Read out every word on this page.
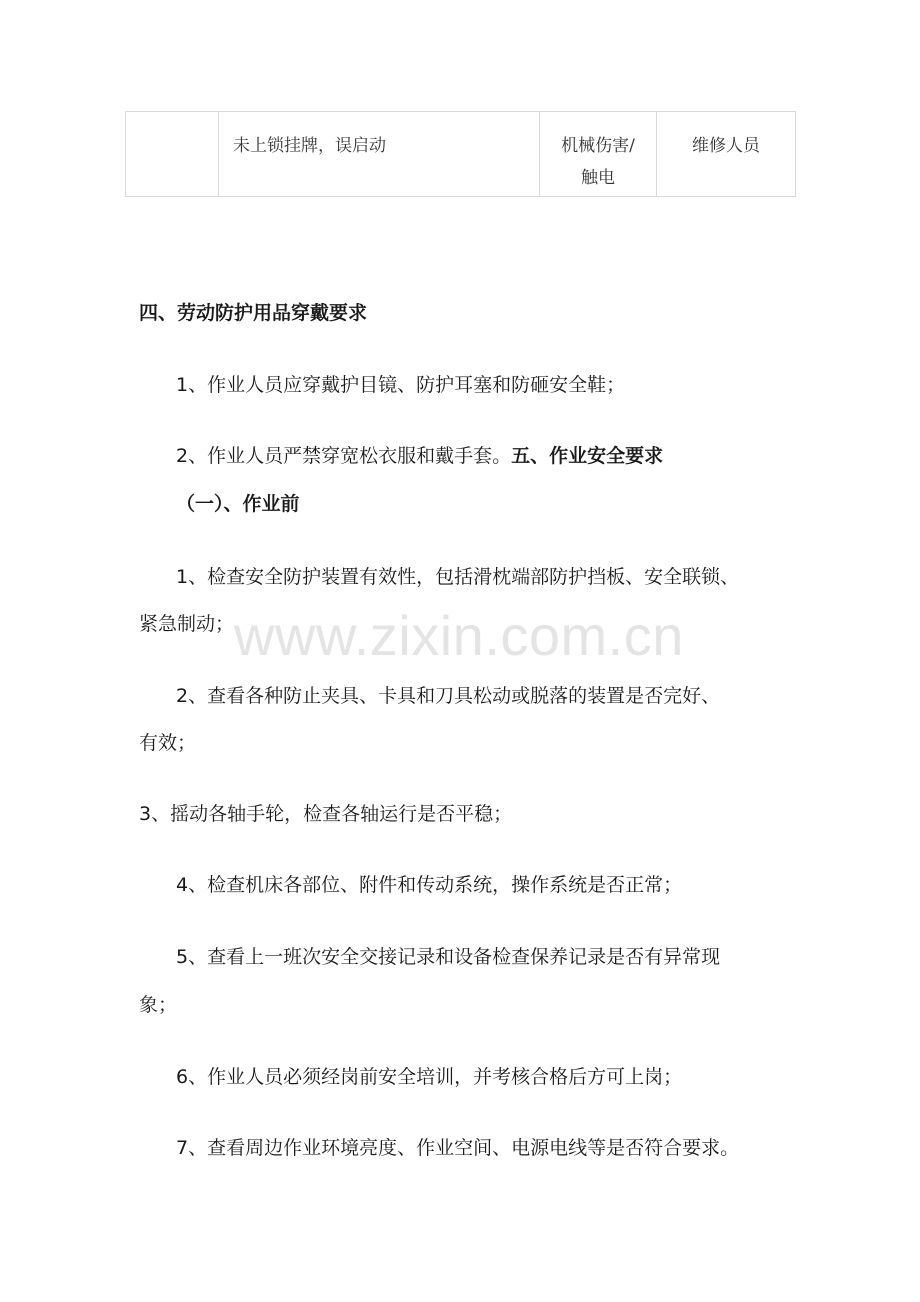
	未上锁挂牌，误启动	机械伤害/触电	维修人员
四、劳动防护用品穿戴要求
1、作业人员应穿戴护目镜、防护耳塞和防砸安全鞋；
2、作业人员严禁穿宽松衣服和戴手套。五、作业安全要求
（一）、作业前
1、检查安全防护装置有效性，包括滑枕端部防护挡板、安全联锁、
紧急制动；
2、查看各种防止夹具、卡具和刀具松动或脱落的装置是否完好、
有效；
3、摇动各轴手轮，检查各轴运行是否平稳；
4、检查机床各部位、附件和传动系统，操作系统是否正常；
5、查看上一班次安全交接记录和设备检查保养记录是否有异常现
象；
6、作业人员必须经岗前安全培训，并考核合格后方可上岗；
7、查看周边作业环境亮度、作业空间、电源电线等是否符合要求。
www.zixin.com.cn
